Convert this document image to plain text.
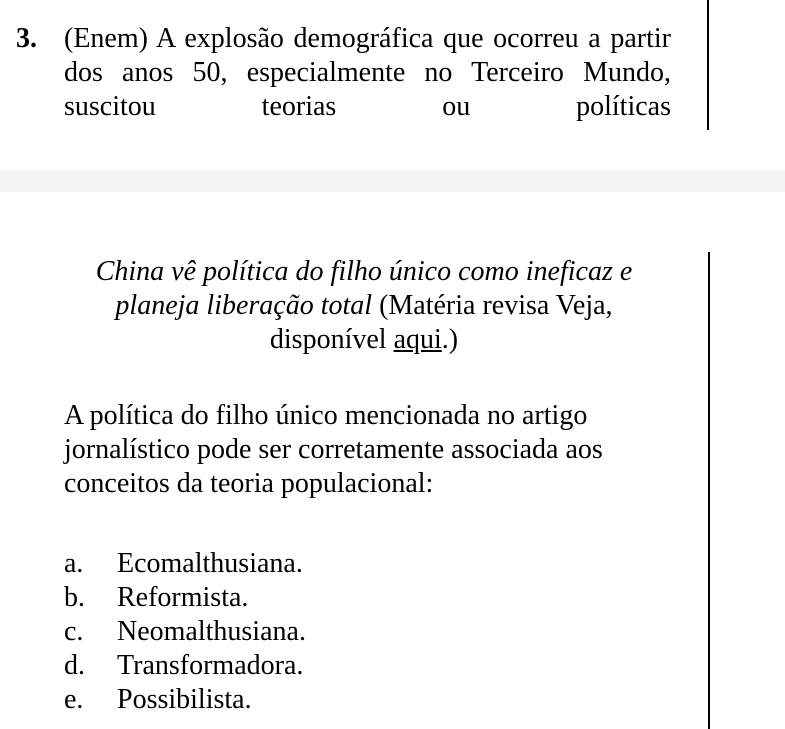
3. (Enem) A explosão demográfica que ocorreu a partir dos anos 50, especialmente no Terceiro Mundo, suscitou teorias ou políticas
China vê política do filho único como ineficaz e planeja liberação total (Matéria revisa Veja, disponível aqui.)
A política do filho único mencionada no artigo jornalístico pode ser corretamente associada aos conceitos da teoria populacional:
a. Ecomalthusiana.
b. Reformista.
c. Neomalthusiana.
d. Transformadora.
e. Possibilista.
